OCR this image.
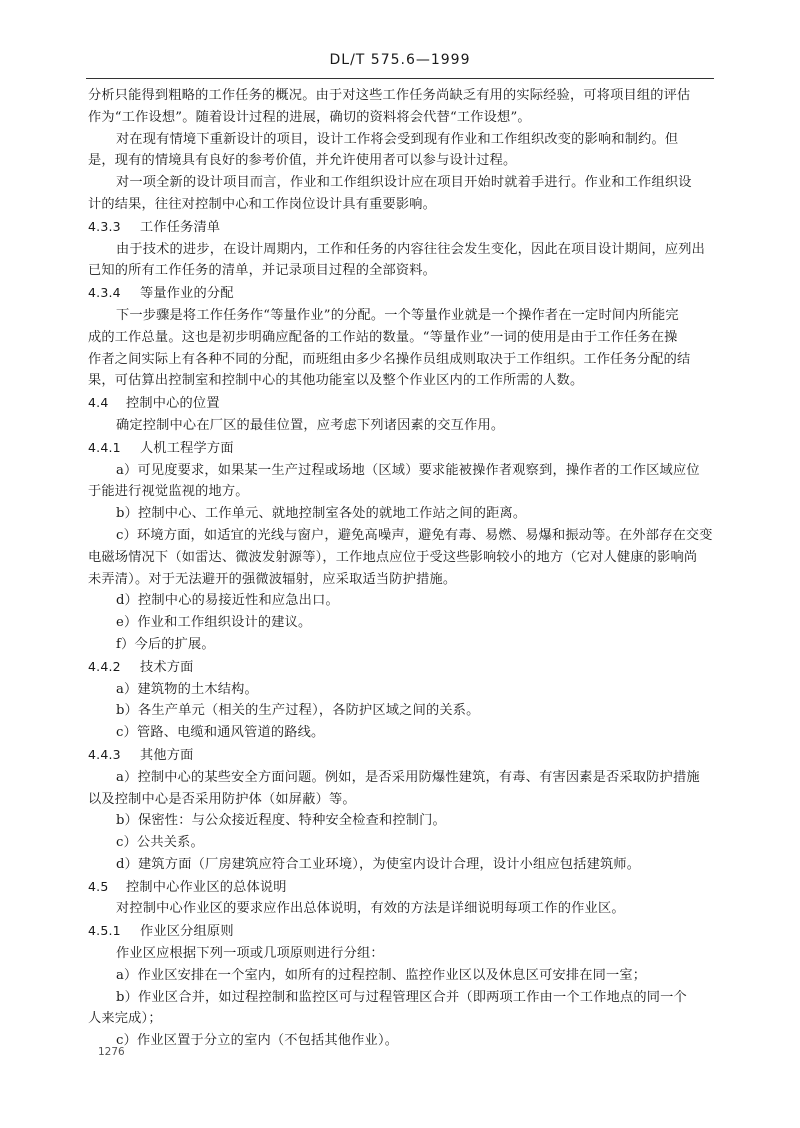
DL/T 575.6—1999
分析只能得到粗略的工作任务的概况。由于对这些工作任务尚缺乏有用的实际经验，可将项目组的评估
作为“工作设想”。随着设计过程的进展，确切的资料将会代替“工作设想”。
对在现有情境下重新设计的项目，设计工作将会受到现有作业和工作组织改变的影响和制约。但
是，现有的情境具有良好的参考价值，并允许使用者可以参与设计过程。
对一项全新的设计项目而言，作业和工作组织设计应在项目开始时就着手进行。作业和工作组织设
计的结果，往往对控制中心和工作岗位设计具有重要影响。
4.3.3 工作任务清单
由于技术的进步，在设计周期内，工作和任务的内容往往会发生变化，因此在项目设计期间，应列出
已知的所有工作任务的清单，并记录项目过程的全部资料。
4.3.4 等量作业的分配
下一步骤是将工作任务作“等量作业”的分配。一个等量作业就是一个操作者在一定时间内所能完
成的工作总量。这也是初步明确应配备的工作站的数量。“等量作业”一词的使用是由于工作任务在操
作者之间实际上有各种不同的分配，而班组由多少名操作员组成则取决于工作组织。工作任务分配的结
果，可估算出控制室和控制中心的其他功能室以及整个作业区内的工作所需的人数。
4.4 控制中心的位置
确定控制中心在厂区的最佳位置，应考虑下列诸因素的交互作用。
4.4.1 人机工程学方面
a）可见度要求，如果某一生产过程或场地（区域）要求能被操作者观察到，操作者的工作区域应位
于能进行视觉监视的地方。
b）控制中心、工作单元、就地控制室各处的就地工作站之间的距离。
c）环境方面，如适宜的光线与窗户，避免高噪声，避免有毒、易燃、易爆和振动等。在外部存在交变
电磁场情况下（如雷达、微波发射源等），工作地点应位于受这些影响较小的地方（它对人健康的影响尚
未弄清）。对于无法避开的强微波辐射，应采取适当防护措施。
d）控制中心的易接近性和应急出口。
e）作业和工作组织设计的建议。
f）今后的扩展。
4.4.2 技术方面
a）建筑物的土木结构。
b）各生产单元（相关的生产过程），各防护区域之间的关系。
c）管路、电缆和通风管道的路线。
4.4.3 其他方面
a）控制中心的某些安全方面问题。例如，是否采用防爆性建筑，有毒、有害因素是否采取防护措施
以及控制中心是否采用防护体（如屏蔽）等。
b）保密性：与公众接近程度、特种安全检查和控制门。
c）公共关系。
d）建筑方面（厂房建筑应符合工业环境），为使室内设计合理，设计小组应包括建筑师。
4.5 控制中心作业区的总体说明
对控制中心作业区的要求应作出总体说明，有效的方法是详细说明每项工作的作业区。
4.5.1 作业区分组原则
作业区应根据下列一项或几项原则进行分组：
a）作业区安排在一个室内，如所有的过程控制、监控作业区以及休息区可安排在同一室；
b）作业区合并，如过程控制和监控区可与过程管理区合并（即两项工作由一个工作地点的同一个
人来完成）；
c）作业区置于分立的室内（不包括其他作业）。
1276
